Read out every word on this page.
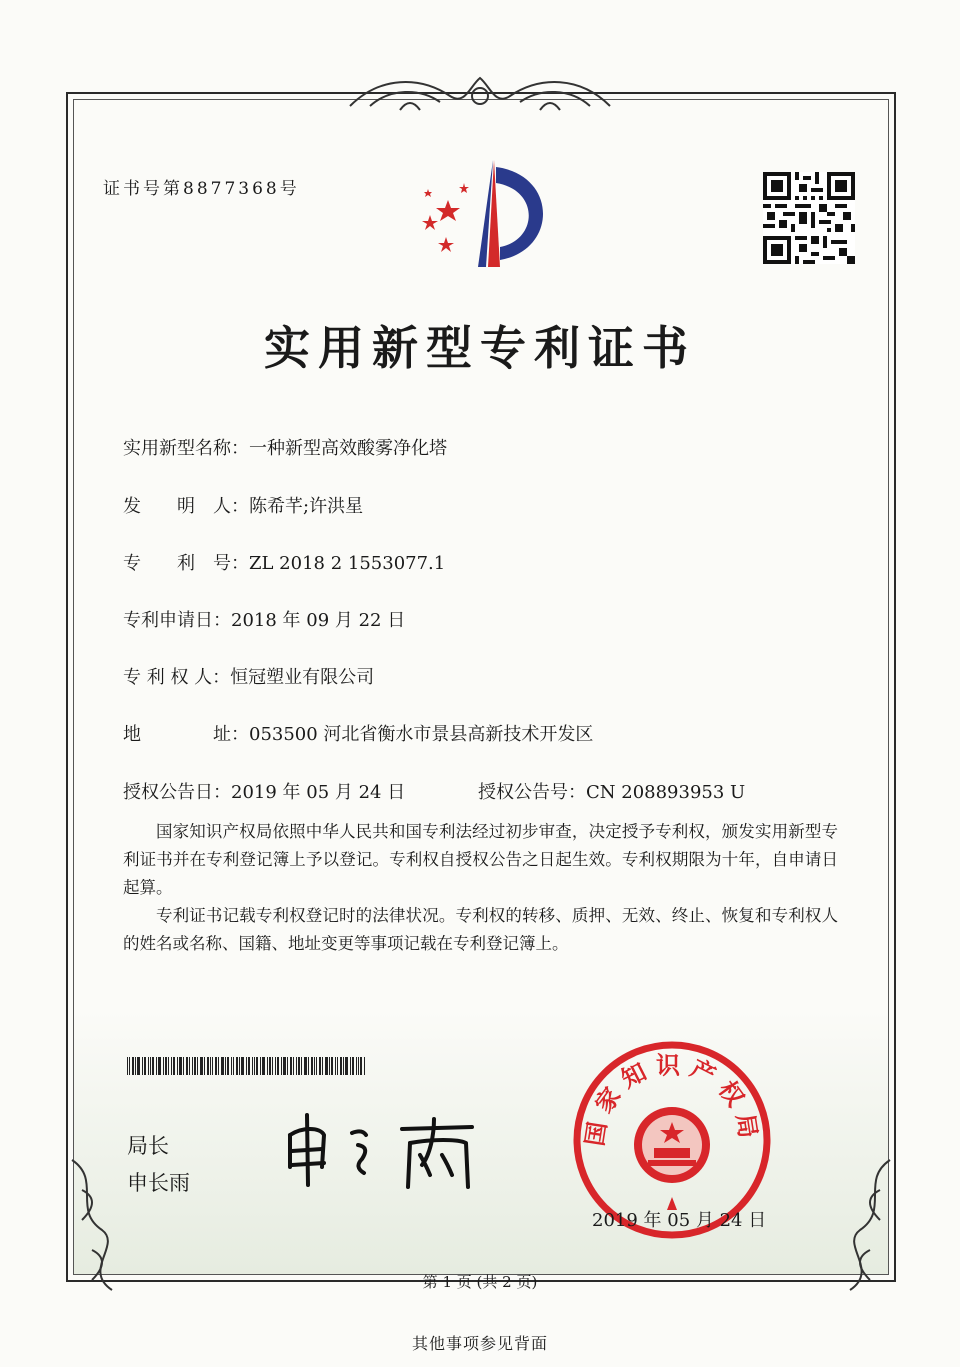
证书号第8877368号
实用新型专利证书
实用新型名称：一种新型高效酸雾净化塔
发　　明　人：陈希芊;许洪星
专　　利　号：ZL 2018 2 1553077.1
专利申请日：2018 年 09 月 22 日
专 利 权 人：恒冠塑业有限公司
地　　　　址：053500 河北省衡水市景县高新技术开发区
授权公告日：2019 年 05 月 24 日	授权公告号：CN 208893953 U
国家知识产权局依照中华人民共和国专利法经过初步审查，决定授予专利权，颁发实用新型专利证书并在专利登记簿上予以登记。专利权自授权公告之日起生效。专利权期限为十年，自申请日起算。
专利证书记载专利权登记时的法律状况。专利权的转移、质押、无效、终止、恢复和专利权人的姓名或名称、国籍、地址变更等事项记载在专利登记簿上。
局长
申长雨
国家知识产权局
2019 年 05 月 24 日
第 1 页 (共 2 页)
其他事项参见背面
